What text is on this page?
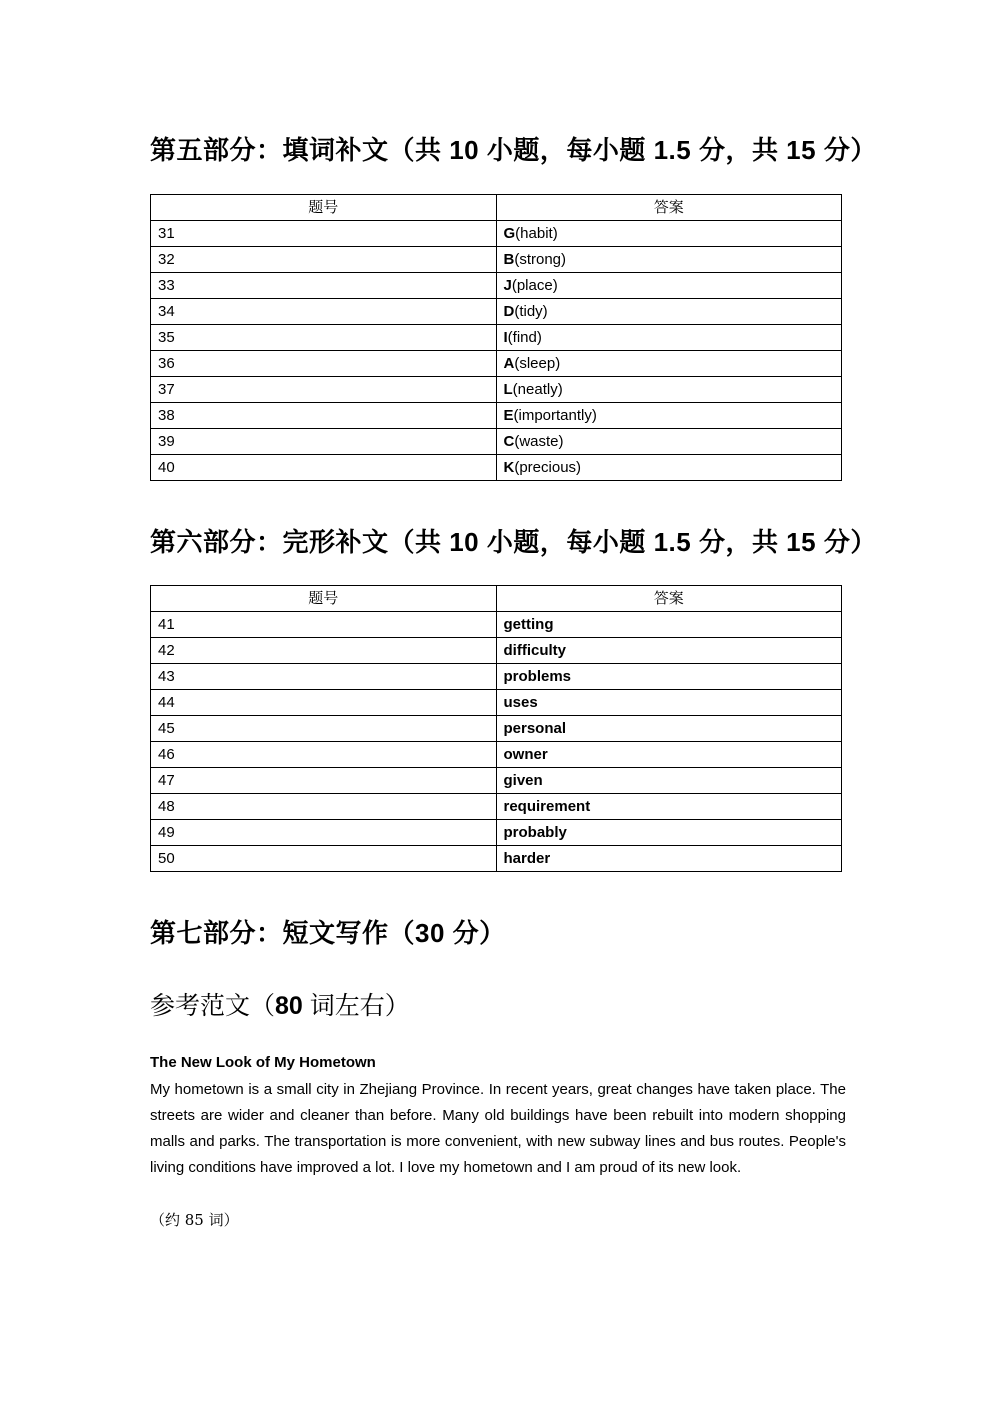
第五部分：填词补文（共 10 小题，每小题 1.5 分，共 15 分）
题号	答案
31	G(habit)
32	B(strong)
33	J(place)
34	D(tidy)
35	I(find)
36	A(sleep)
37	L(neatly)
38	E(importantly)
39	C(waste)
40	K(precious)
第六部分：完形补文（共 10 小题，每小题 1.5 分，共 15 分）
题号	答案
41	getting
42	difficulty
43	problems
44	uses
45	personal
46	owner
47	given
48	requirement
49	probably
50	harder
第七部分：短文写作（30 分）
参考范文（80 词左右）
The New Look of My Hometown
My hometown is a small city in Zhejiang Province. In recent years, great changes have taken place. The streets are wider and cleaner than before. Many old buildings have been rebuilt into modern shopping malls and parks. The transportation is more convenient, with new subway lines and bus routes. People's living conditions have improved a lot. I love my hometown and I am proud of its new look.
（约 85 词）
